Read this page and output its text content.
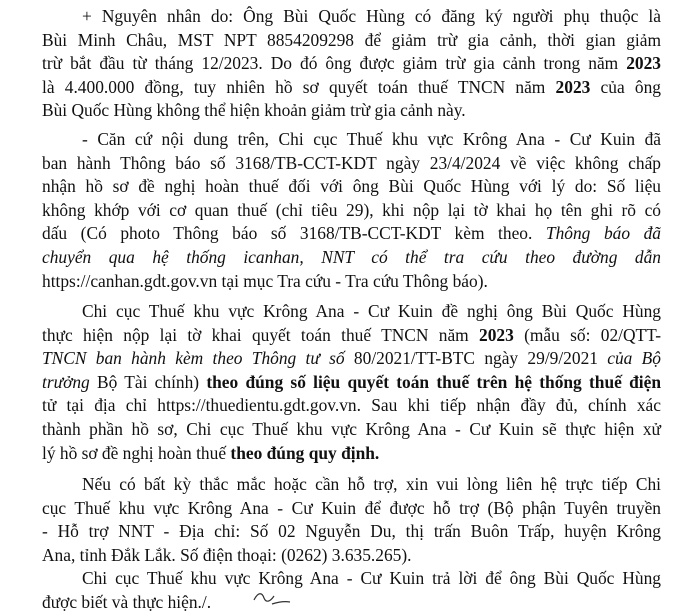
+ Nguyên nhân do: Ông Bùi Quốc Hùng có đăng ký người phụ thuộc là
Bùi Minh Châu, MST NPT 8854209298 để giảm trừ gia cảnh, thời gian giảm
trừ bắt đầu từ tháng 12/2023. Do đó ông được giảm trừ gia cảnh trong năm 2023
là 4.400.000 đồng, tuy nhiên hồ sơ quyết toán thuế TNCN năm 2023 của ông
Bùi Quốc Hùng không thể hiện khoản giảm trừ gia cảnh này.
- Căn cứ nội dung trên, Chi cục Thuế khu vực Krông Ana - Cư Kuin đã
ban hành Thông báo số 3168/TB-CCT-KDT ngày 23/4/2024 về việc không chấp
nhận hồ sơ đề nghị hoàn thuế đối với ông Bùi Quốc Hùng với lý do: Số liệu
không khớp với cơ quan thuế (chỉ tiêu 29), khi nộp lại tờ khai họ tên ghi rõ có
dấu (Có photo Thông báo số 3168/TB-CCT-KDT kèm theo. Thông báo đã
chuyển qua hệ thống icanhan, NNT có thể tra cứu theo đường dẫn
https://canhan.gdt.gov.vn tại mục Tra cứu - Tra cứu Thông báo).
Chi cục Thuế khu vực Krông Ana - Cư Kuin đề nghị ông Bùi Quốc Hùng
thực hiện nộp lại tờ khai quyết toán thuế TNCN năm 2023 (mẫu số: 02/QTT-
TNCN ban hành kèm theo Thông tư số 80/2021/TT-BTC ngày 29/9/2021 của Bộ
trưởng Bộ Tài chính) theo đúng số liệu quyết toán thuế trên hệ thống thuế điện
tử tại địa chỉ https://thuedientu.gdt.gov.vn. Sau khi tiếp nhận đầy đủ, chính xác
thành phần hồ sơ, Chi cục Thuế khu vực Krông Ana - Cư Kuin sẽ thực hiện xử
lý hồ sơ đề nghị hoàn thuế theo đúng quy định.
Nếu có bất kỳ thắc mắc hoặc cần hỗ trợ, xin vui lòng liên hệ trực tiếp Chi
cục Thuế khu vực Krông Ana - Cư Kuin để được hỗ trợ (Bộ phận Tuyên truyền
- Hỗ trợ NNT - Địa chỉ: Số 02 Nguyễn Du, thị trấn Buôn Trấp, huyện Krông
Ana, tỉnh Đắk Lắk. Số điện thoại: (0262) 3.635.265).
Chi cục Thuế khu vực Krông Ana - Cư Kuin trả lời để ông Bùi Quốc Hùng
được biết và thực hiện./.
